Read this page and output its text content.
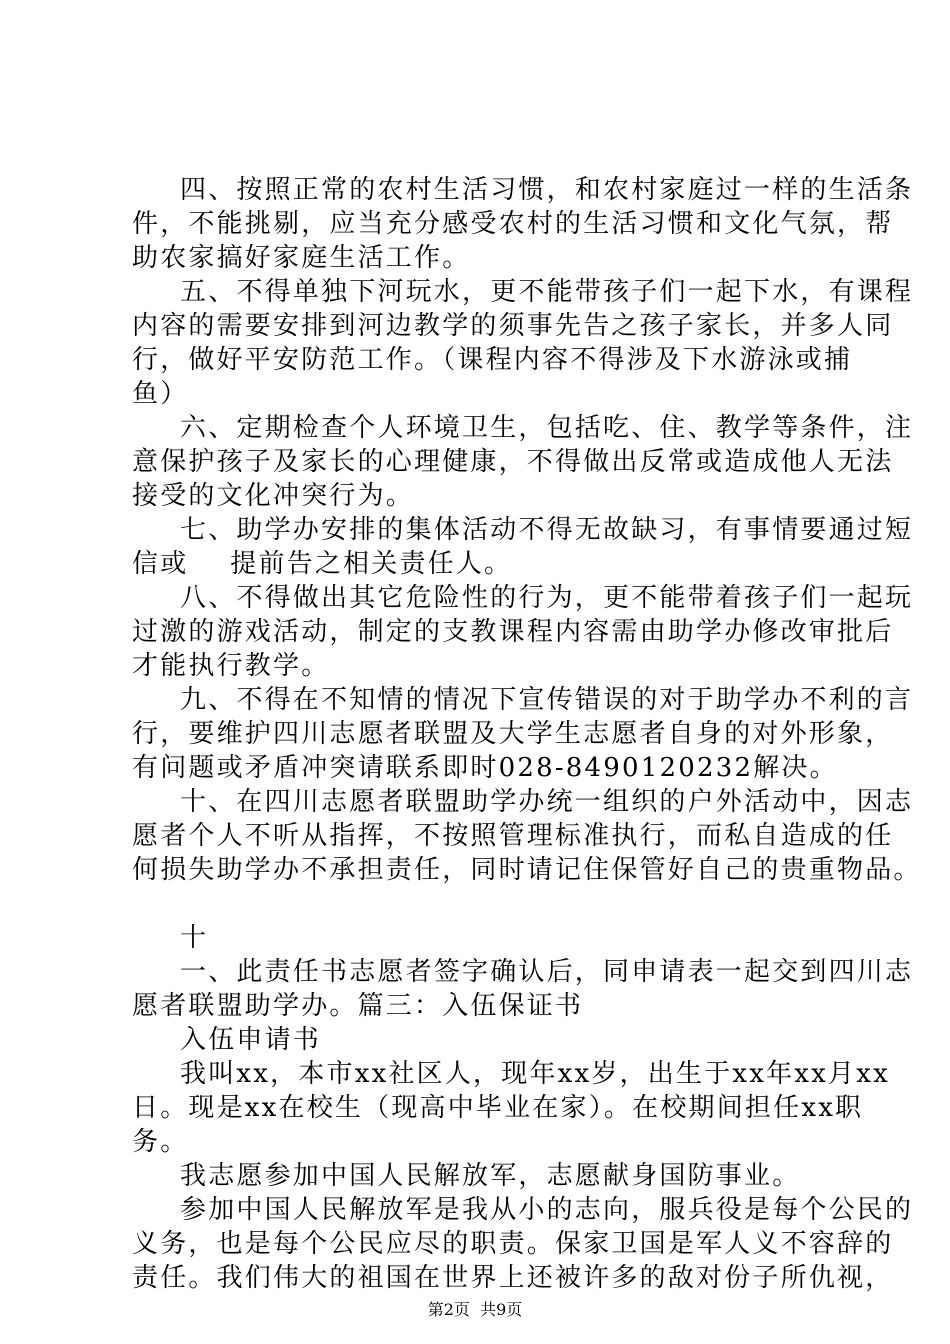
四、按照正常的农村生活习惯，和农村家庭过一样的生活条
件，不能挑剔，应当充分感受农村的生活习惯和文化气氛，帮
助农家搞好家庭生活工作。
五、不得单独下河玩水，更不能带孩子们一起下水，有课程
内容的需要安排到河边教学的须事先告之孩子家长，并多人同
行，做好平安防范工作。（课程内容不得涉及下水游泳或捕
鱼）
六、定期检查个人环境卫生，包括吃、住、教学等条件，注
意保护孩子及家长的心理健康，不得做出反常或造成他人无法
接受的文化冲突行为。
七、助学办安排的集体活动不得无故缺习，有事情要通过短
信或    提前告之相关责任人。
八、不得做出其它危险性的行为，更不能带着孩子们一起玩
过激的游戏活动，制定的支教课程内容需由助学办修改审批后
才能执行教学。
九、不得在不知情的情况下宣传错误的对于助学办不利的言
行，要维护四川志愿者联盟及大学生志愿者自身的对外形象，
有问题或矛盾冲突请联系即时028-8490120232解决。
十、在四川志愿者联盟助学办统一组织的户外活动中，因志
愿者个人不听从指挥，不按照管理标准执行，而私自造成的任
何损失助学办不承担责任，同时请记住保管好自己的贵重物品。
十
一、此责任书志愿者签字确认后，同申请表一起交到四川志
愿者联盟助学办。篇三：入伍保证书
入伍申请书
我叫xx，本市xx社区人，现年xx岁，出生于xx年xx月xx
日。现是xx在校生（现高中毕业在家）。在校期间担任xx职
务。
我志愿参加中国人民解放军，志愿献身国防事业。
参加中国人民解放军是我从小的志向，服兵役是每个公民的
义务，也是每个公民应尽的职责。保家卫国是军人义不容辞的
责任。我们伟大的祖国在世界上还被许多的敌对份子所仇视，
第2页  共9页
